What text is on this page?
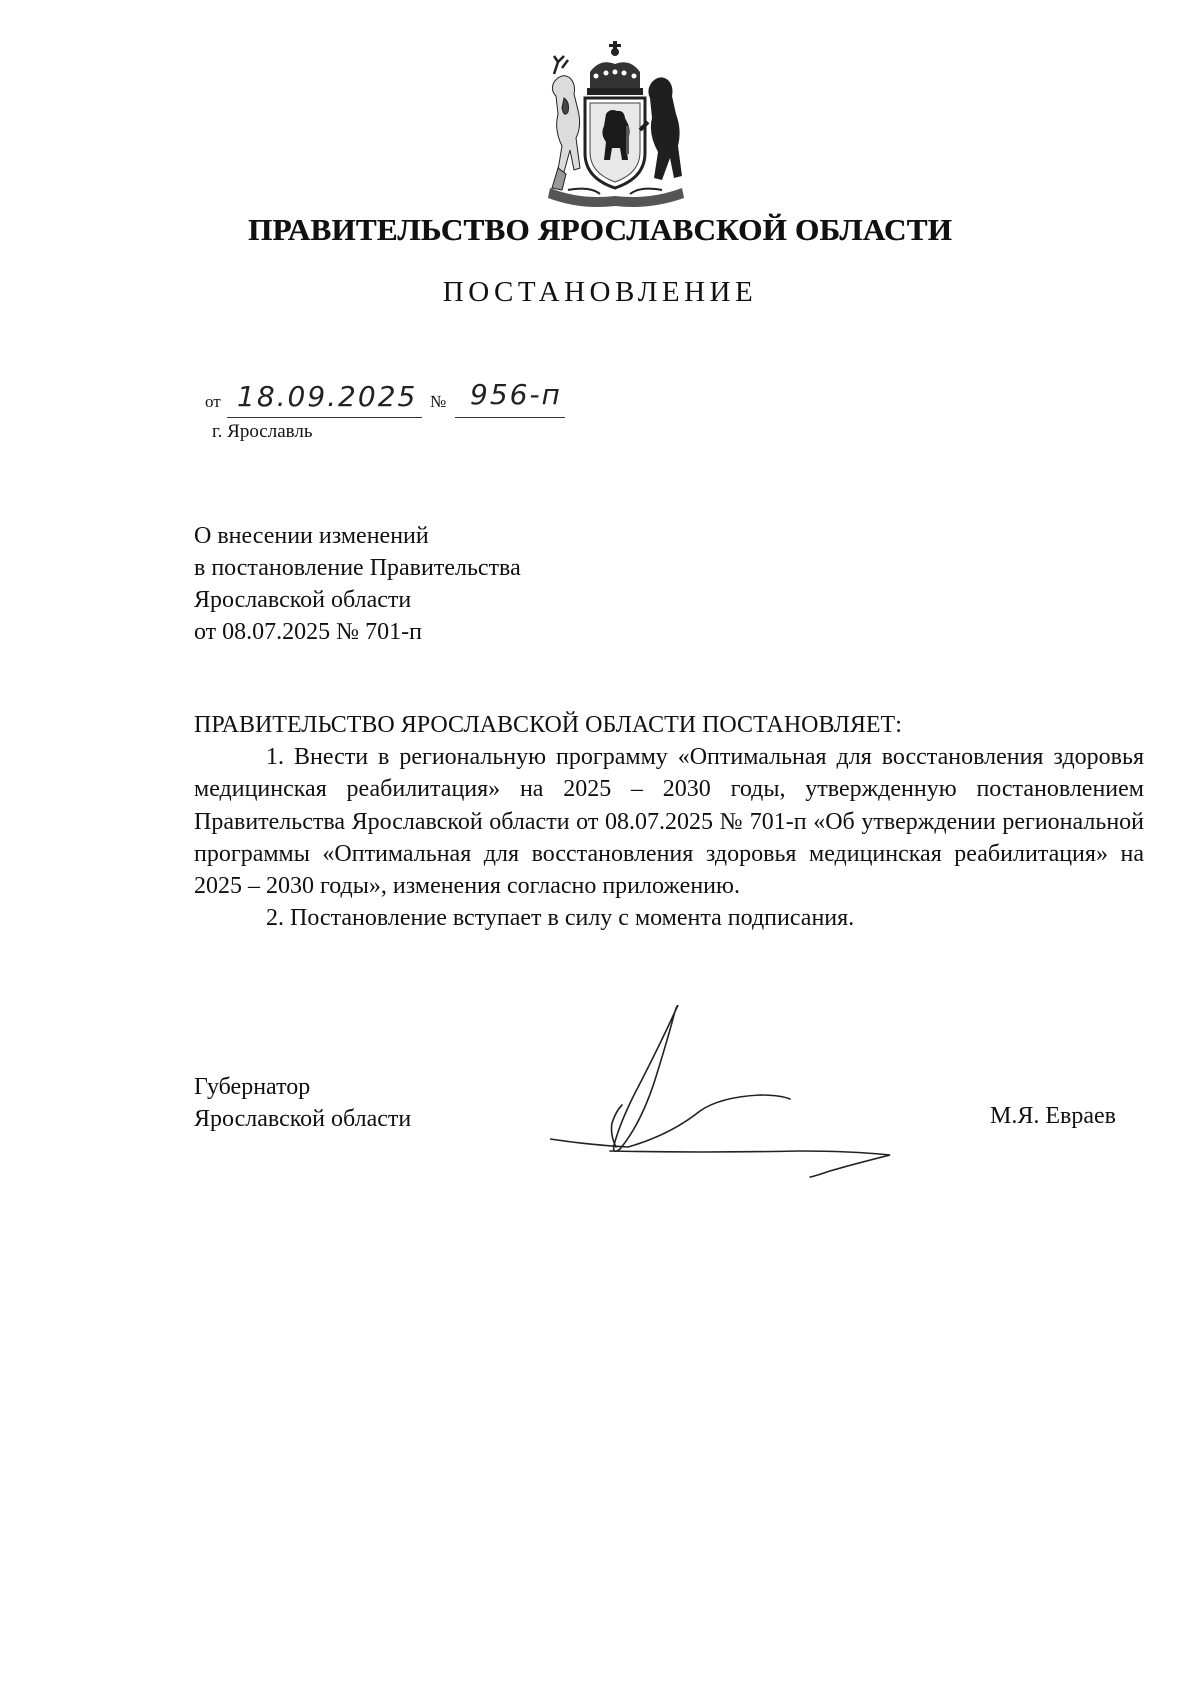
ПРАВИТЕЛЬСТВО ЯРОСЛАВСКОЙ ОБЛАСТИ
ПОСТАНОВЛЕНИЕ
от 18.09.2025 № 956-п
г. Ярославль
О внесении изменений
в постановление Правительства
Ярославской области
от 08.07.2025 № 701-п
ПРАВИТЕЛЬСТВО ЯРОСЛАВСКОЙ ОБЛАСТИ ПОСТАНОВЛЯЕТ:

1. Внести в региональную программу «Оптимальная для восстановления здоровья медицинская реабилитация» на 2025 – 2030 годы, утвержденную постановлением Правительства Ярославской области от 08.07.2025 № 701-п «Об утверждении региональной программы «Оптимальная для восстановления здоровья медицинская реабилитация» на 2025 – 2030 годы», изменения согласно приложению.

2. Постановление вступает в силу с момента подписания.

Губернатор
Ярославской области	М.Я. Евраев
